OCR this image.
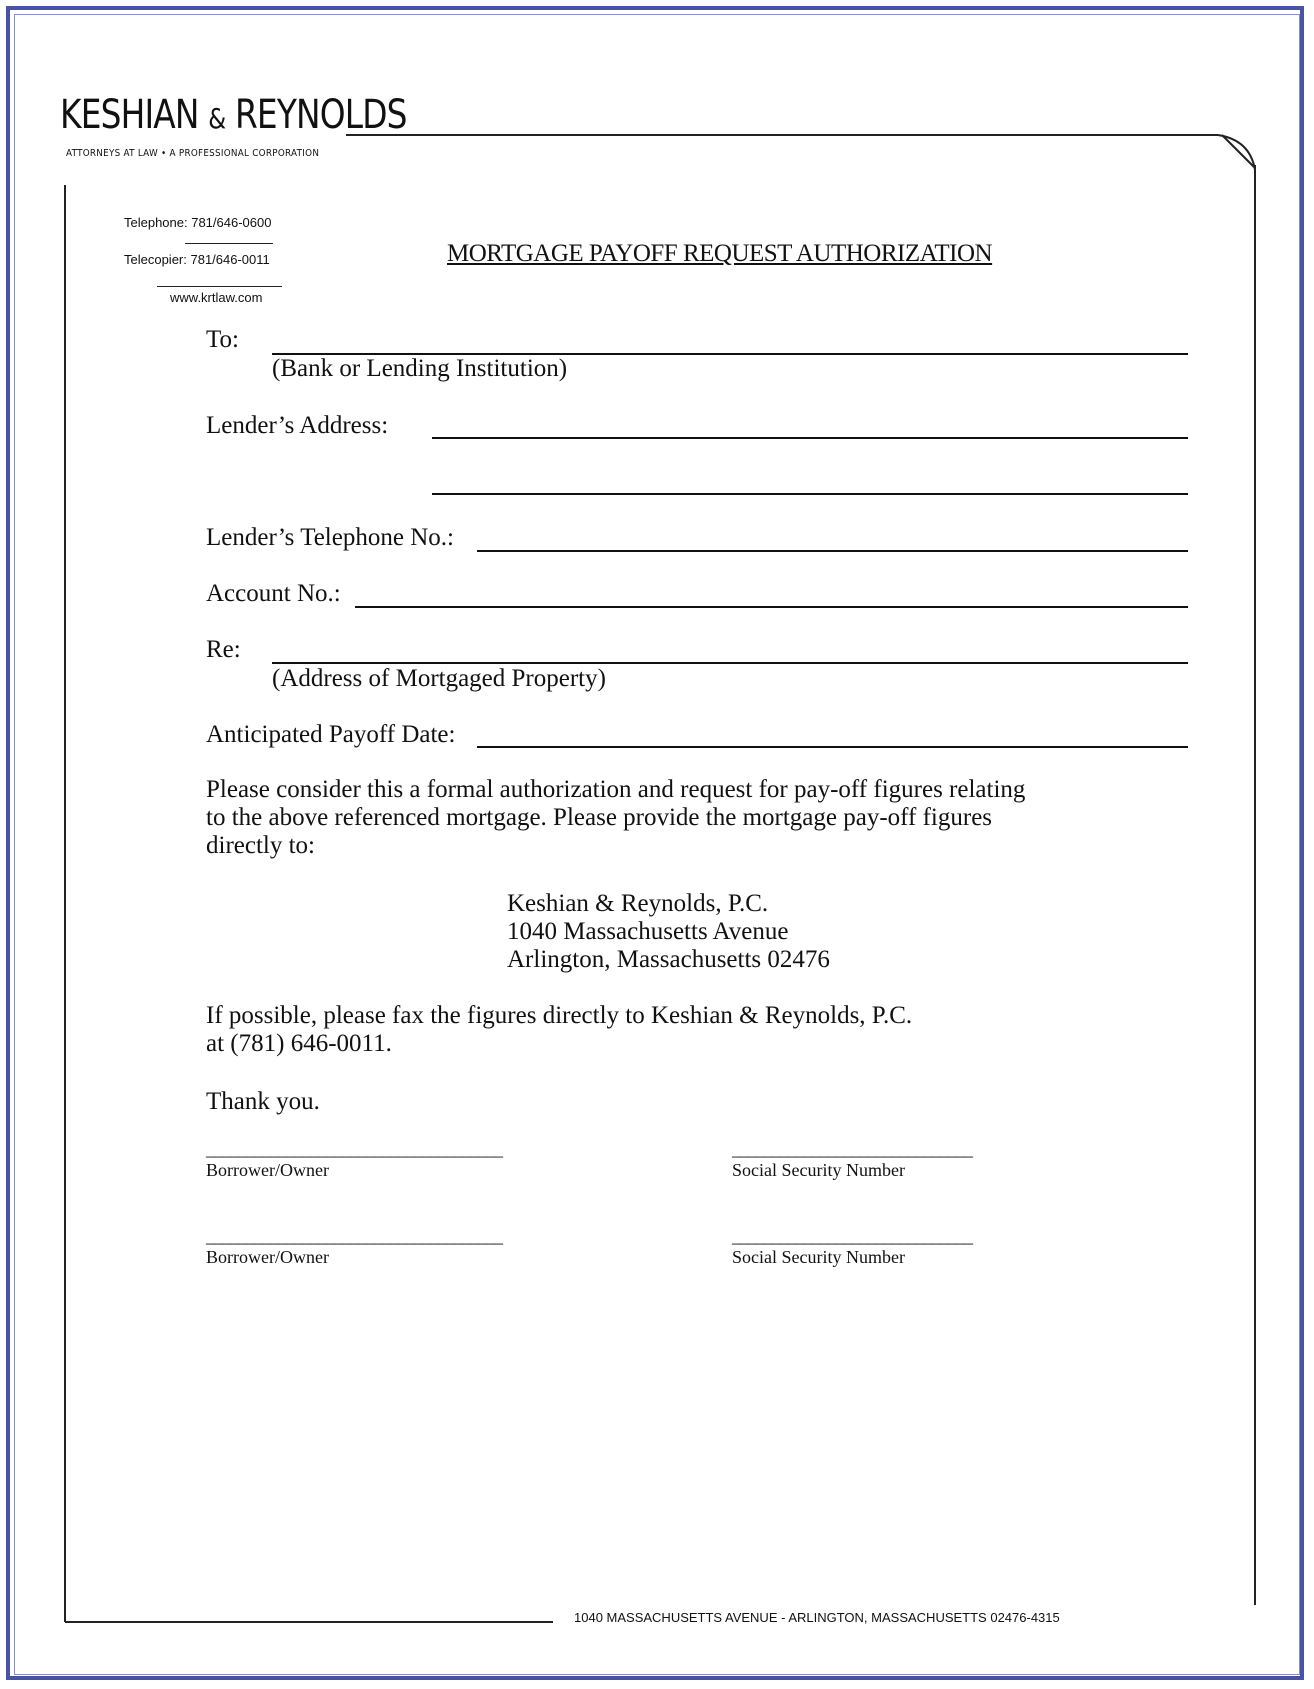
KESHIAN & REYNOLDS
ATTORNEYS AT LAW • A PROFESSIONAL CORPORATION
Telephone: 781/646-0600
Telecopier: 781/646-0011
www.krtlaw.com
MORTGAGE PAYOFF REQUEST AUTHORIZATION
To:
(Bank or Lending Institution)
Lender’s Address:
Lender’s Telephone No.:
Account No.:
Re:
(Address of Mortgaged Property)
Anticipated Payoff Date:
Please consider this a formal authorization and request for pay-off figures relating
to the above referenced mortgage. Please provide the mortgage pay-off figures
directly to:
Keshian & Reynolds, P.C.
1040 Massachusetts Avenue
Arlington, Massachusetts 02476
If possible, please fax the figures directly to Keshian & Reynolds, P.C.
at (781) 646-0011.
Thank you.
_____________________________________
Borrower/Owner
______________________________
Social Security Number
_____________________________________
Borrower/Owner
______________________________
Social Security Number
1040 MASSACHUSETTS AVENUE - ARLINGTON, MASSACHUSETTS 02476-4315
